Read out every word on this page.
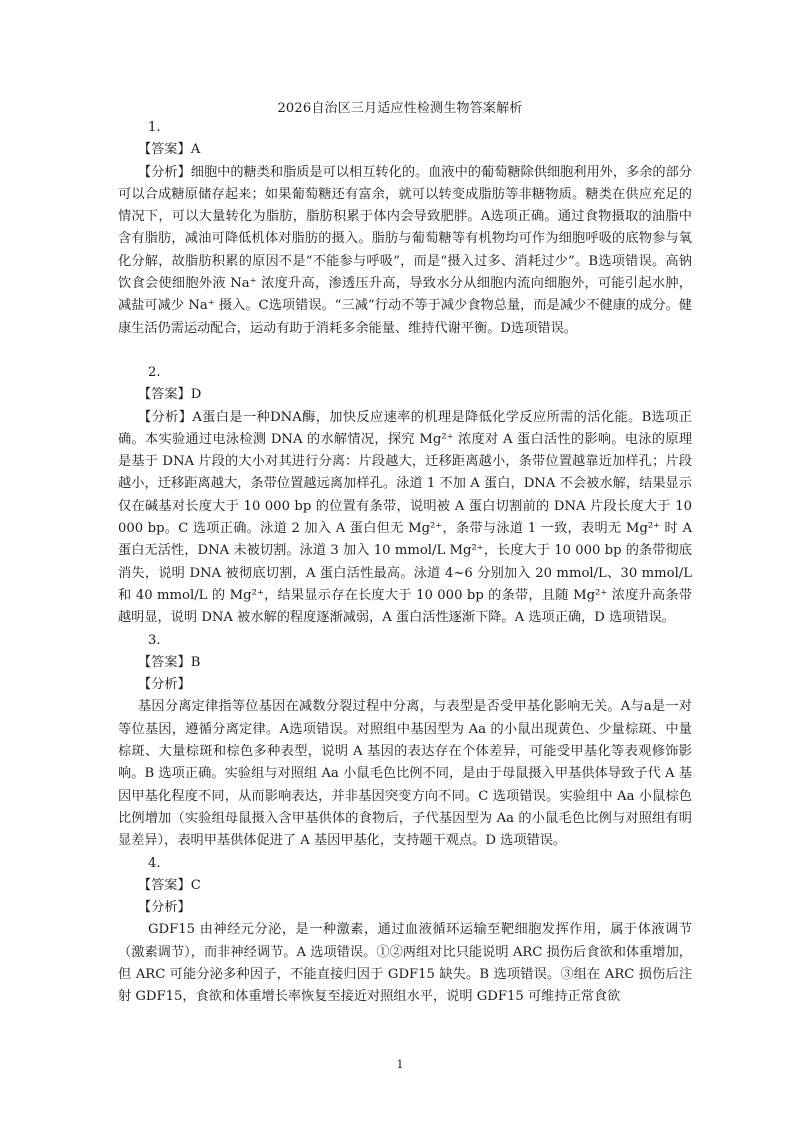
2026自治区三月适应性检测生物答案解析

1.

【答案】A

【分析】细胞中的糖类和脂质是可以相互转化的。血液中的葡萄糖除供细胞利用外，多余的部分可以合成糖原储存起来；如果葡萄糖还有富余，就可以转变成脂肪等非糖物质。糖类在供应充足的情况下，可以大量转化为脂肪，脂肪积累于体内会导致肥胖。A选项正确。通过食物摄取的油脂中含有脂肪，减油可降低机体对脂肪的摄入。脂肪与葡萄糖等有机物均可作为细胞呼吸的底物参与氧化分解，故脂肪积累的原因不是“不能参与呼吸”，而是“摄入过多、消耗过少”。B选项错误。高钠饮食会使细胞外液 Na⁺ 浓度升高，渗透压升高，导致水分从细胞内流向细胞外，可能引起水肿，减盐可减少 Na⁺ 摄入。C选项错误。“三减”行动不等于减少食物总量，而是减少不健康的成分。健康生活仍需运动配合，运动有助于消耗多余能量、维持代谢平衡。D选项错误。

2.

【答案】D

【分析】A蛋白是一种DNA酶，加快反应速率的机理是降低化学反应所需的活化能。B选项正确。本实验通过电泳检测 DNA 的水解情况，探究 Mg²⁺ 浓度对 A 蛋白活性的影响。电泳的原理是基于 DNA 片段的大小对其进行分离：片段越大，迁移距离越小，条带位置越靠近加样孔；片段越小，迁移距离越大，条带位置越远离加样孔。泳道 1 不加 A 蛋白，DNA 不会被水解，结果显示仅在碱基对长度大于 10 000 bp 的位置有条带，说明被 A 蛋白切割前的 DNA 片段长度大于 10 000 bp。C 选项正确。泳道 2 加入 A 蛋白但无 Mg²⁺，条带与泳道 1 一致，表明无 Mg²⁺ 时 A 蛋白无活性，DNA 未被切割。泳道 3 加入 10 mmol/L Mg²⁺，长度大于 10 000 bp 的条带彻底消失，说明 DNA 被彻底切割，A 蛋白活性最高。泳道 4~6 分别加入 20 mmol/L、30 mmol/L 和 40 mmol/L 的 Mg²⁺，结果显示存在长度大于 10 000 bp 的条带，且随 Mg²⁺ 浓度升高条带越明显，说明 DNA 被水解的程度逐渐减弱，A 蛋白活性逐渐下降。A 选项正确，D 选项错误。

3.

【答案】B

【分析】

基因分离定律指等位基因在减数分裂过程中分离，与表型是否受甲基化影响无关。A与a是一对等位基因，遵循分离定律。A选项错误。对照组中基因型为 Aa 的小鼠出现黄色、少量棕斑、中量棕斑、大量棕斑和棕色多种表型，说明 A 基因的表达存在个体差异，可能受甲基化等表观修饰影响。B 选项正确。实验组与对照组 Aa 小鼠毛色比例不同，是由于母鼠摄入甲基供体导致子代 A 基因甲基化程度不同，从而影响表达，并非基因突变方向不同。C 选项错误。实验组中 Aa 小鼠棕色比例增加（实验组母鼠摄入含甲基供体的食物后，子代基因型为 Aa 的小鼠毛色比例与对照组有明显差异），表明甲基供体促进了 A 基因甲基化，支持题干观点。D 选项错误。

4.

【答案】C

【分析】

GDF15 由神经元分泌，是一种激素，通过血液循环运输至靶细胞发挥作用，属于体液调节（激素调节），而非神经调节。A 选项错误。①②两组对比只能说明 ARC 损伤后食欲和体重增加，但 ARC 可能分泌多种因子，不能直接归因于 GDF15 缺失。B 选项错误。③组在 ARC 损伤后注射 GDF15，食欲和体重增长率恢复至接近对照组水平，说明 GDF15 可维持正常食欲

1
